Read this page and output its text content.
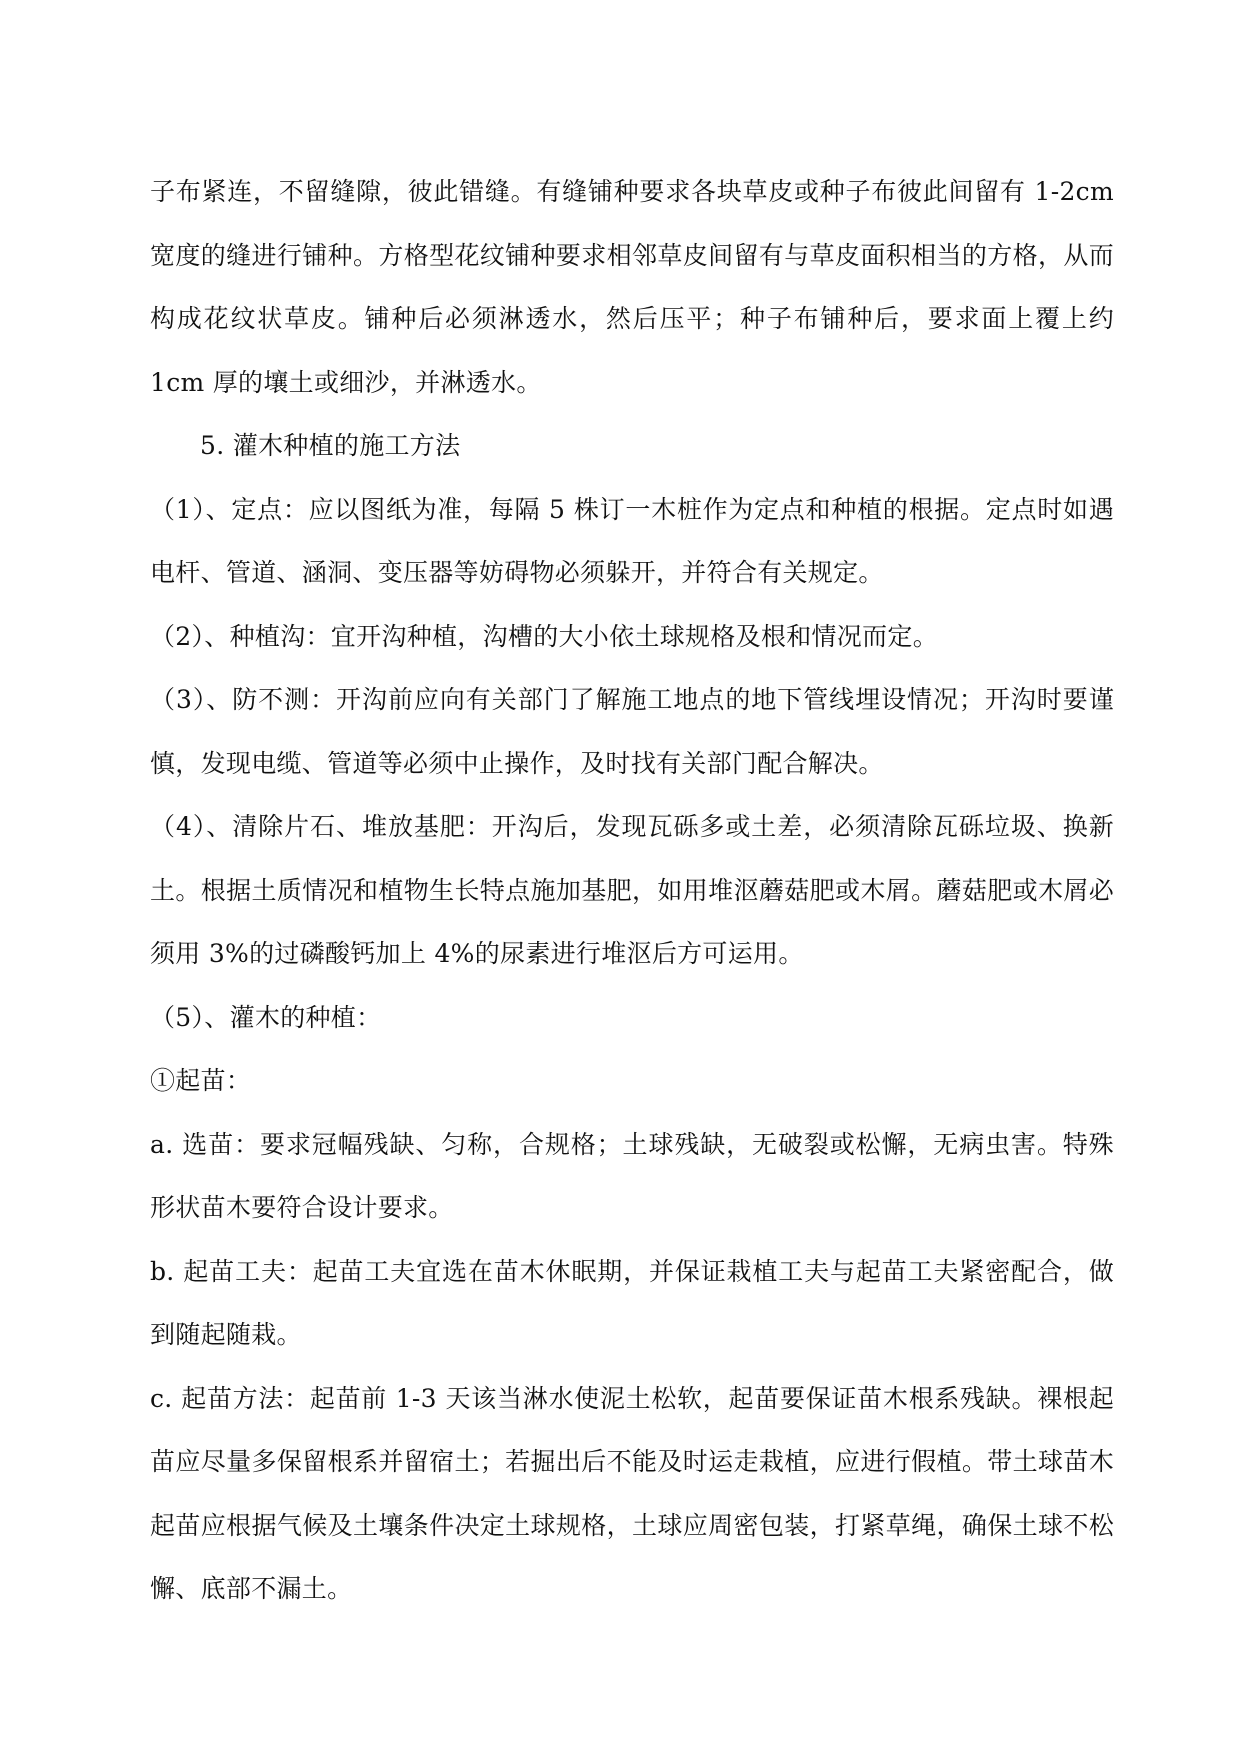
子布紧连，不留缝隙，彼此错缝。有缝铺种要求各块草皮或种子布彼此间留有 1-2cm 宽度的缝进行铺种。方格型花纹铺种要求相邻草皮间留有与草皮面积相当的方格，从而构成花纹状草皮。铺种后必须淋透水，然后压平；种子布铺种后，要求面上覆上约 1cm 厚的壤土或细沙，并淋透水。

5. 灌木种植的施工方法

（1）、定点：应以图纸为准，每隔 5 株订一木桩作为定点和种植的根据。定点时如遇电杆、管道、涵洞、变压器等妨碍物必须躲开，并符合有关规定。

（2）、种植沟：宜开沟种植，沟槽的大小依土球规格及根和情况而定。

（3）、防不测：开沟前应向有关部门了解施工地点的地下管线埋设情况；开沟时要谨慎，发现电缆、管道等必须中止操作，及时找有关部门配合解决。

（4）、清除片石、堆放基肥：开沟后，发现瓦砾多或土差，必须清除瓦砾垃圾、换新土。根据土质情况和植物生长特点施加基肥，如用堆沤蘑菇肥或木屑。蘑菇肥或木屑必须用 3%的过磷酸钙加上 4%的尿素进行堆沤后方可运用。

（5）、灌木的种植：

①起苗：

a. 选苗：要求冠幅残缺、匀称，合规格；土球残缺，无破裂或松懈，无病虫害。特殊形状苗木要符合设计要求。

b. 起苗工夫：起苗工夫宜选在苗木休眠期，并保证栽植工夫与起苗工夫紧密配合，做到随起随栽。

c. 起苗方法：起苗前 1-3 天该当淋水使泥土松软，起苗要保证苗木根系残缺。裸根起苗应尽量多保留根系并留宿土；若掘出后不能及时运走栽植，应进行假植。带土球苗木起苗应根据气候及土壤条件决定土球规格，土球应周密包装，打紧草绳，确保土球不松懈、底部不漏土。
